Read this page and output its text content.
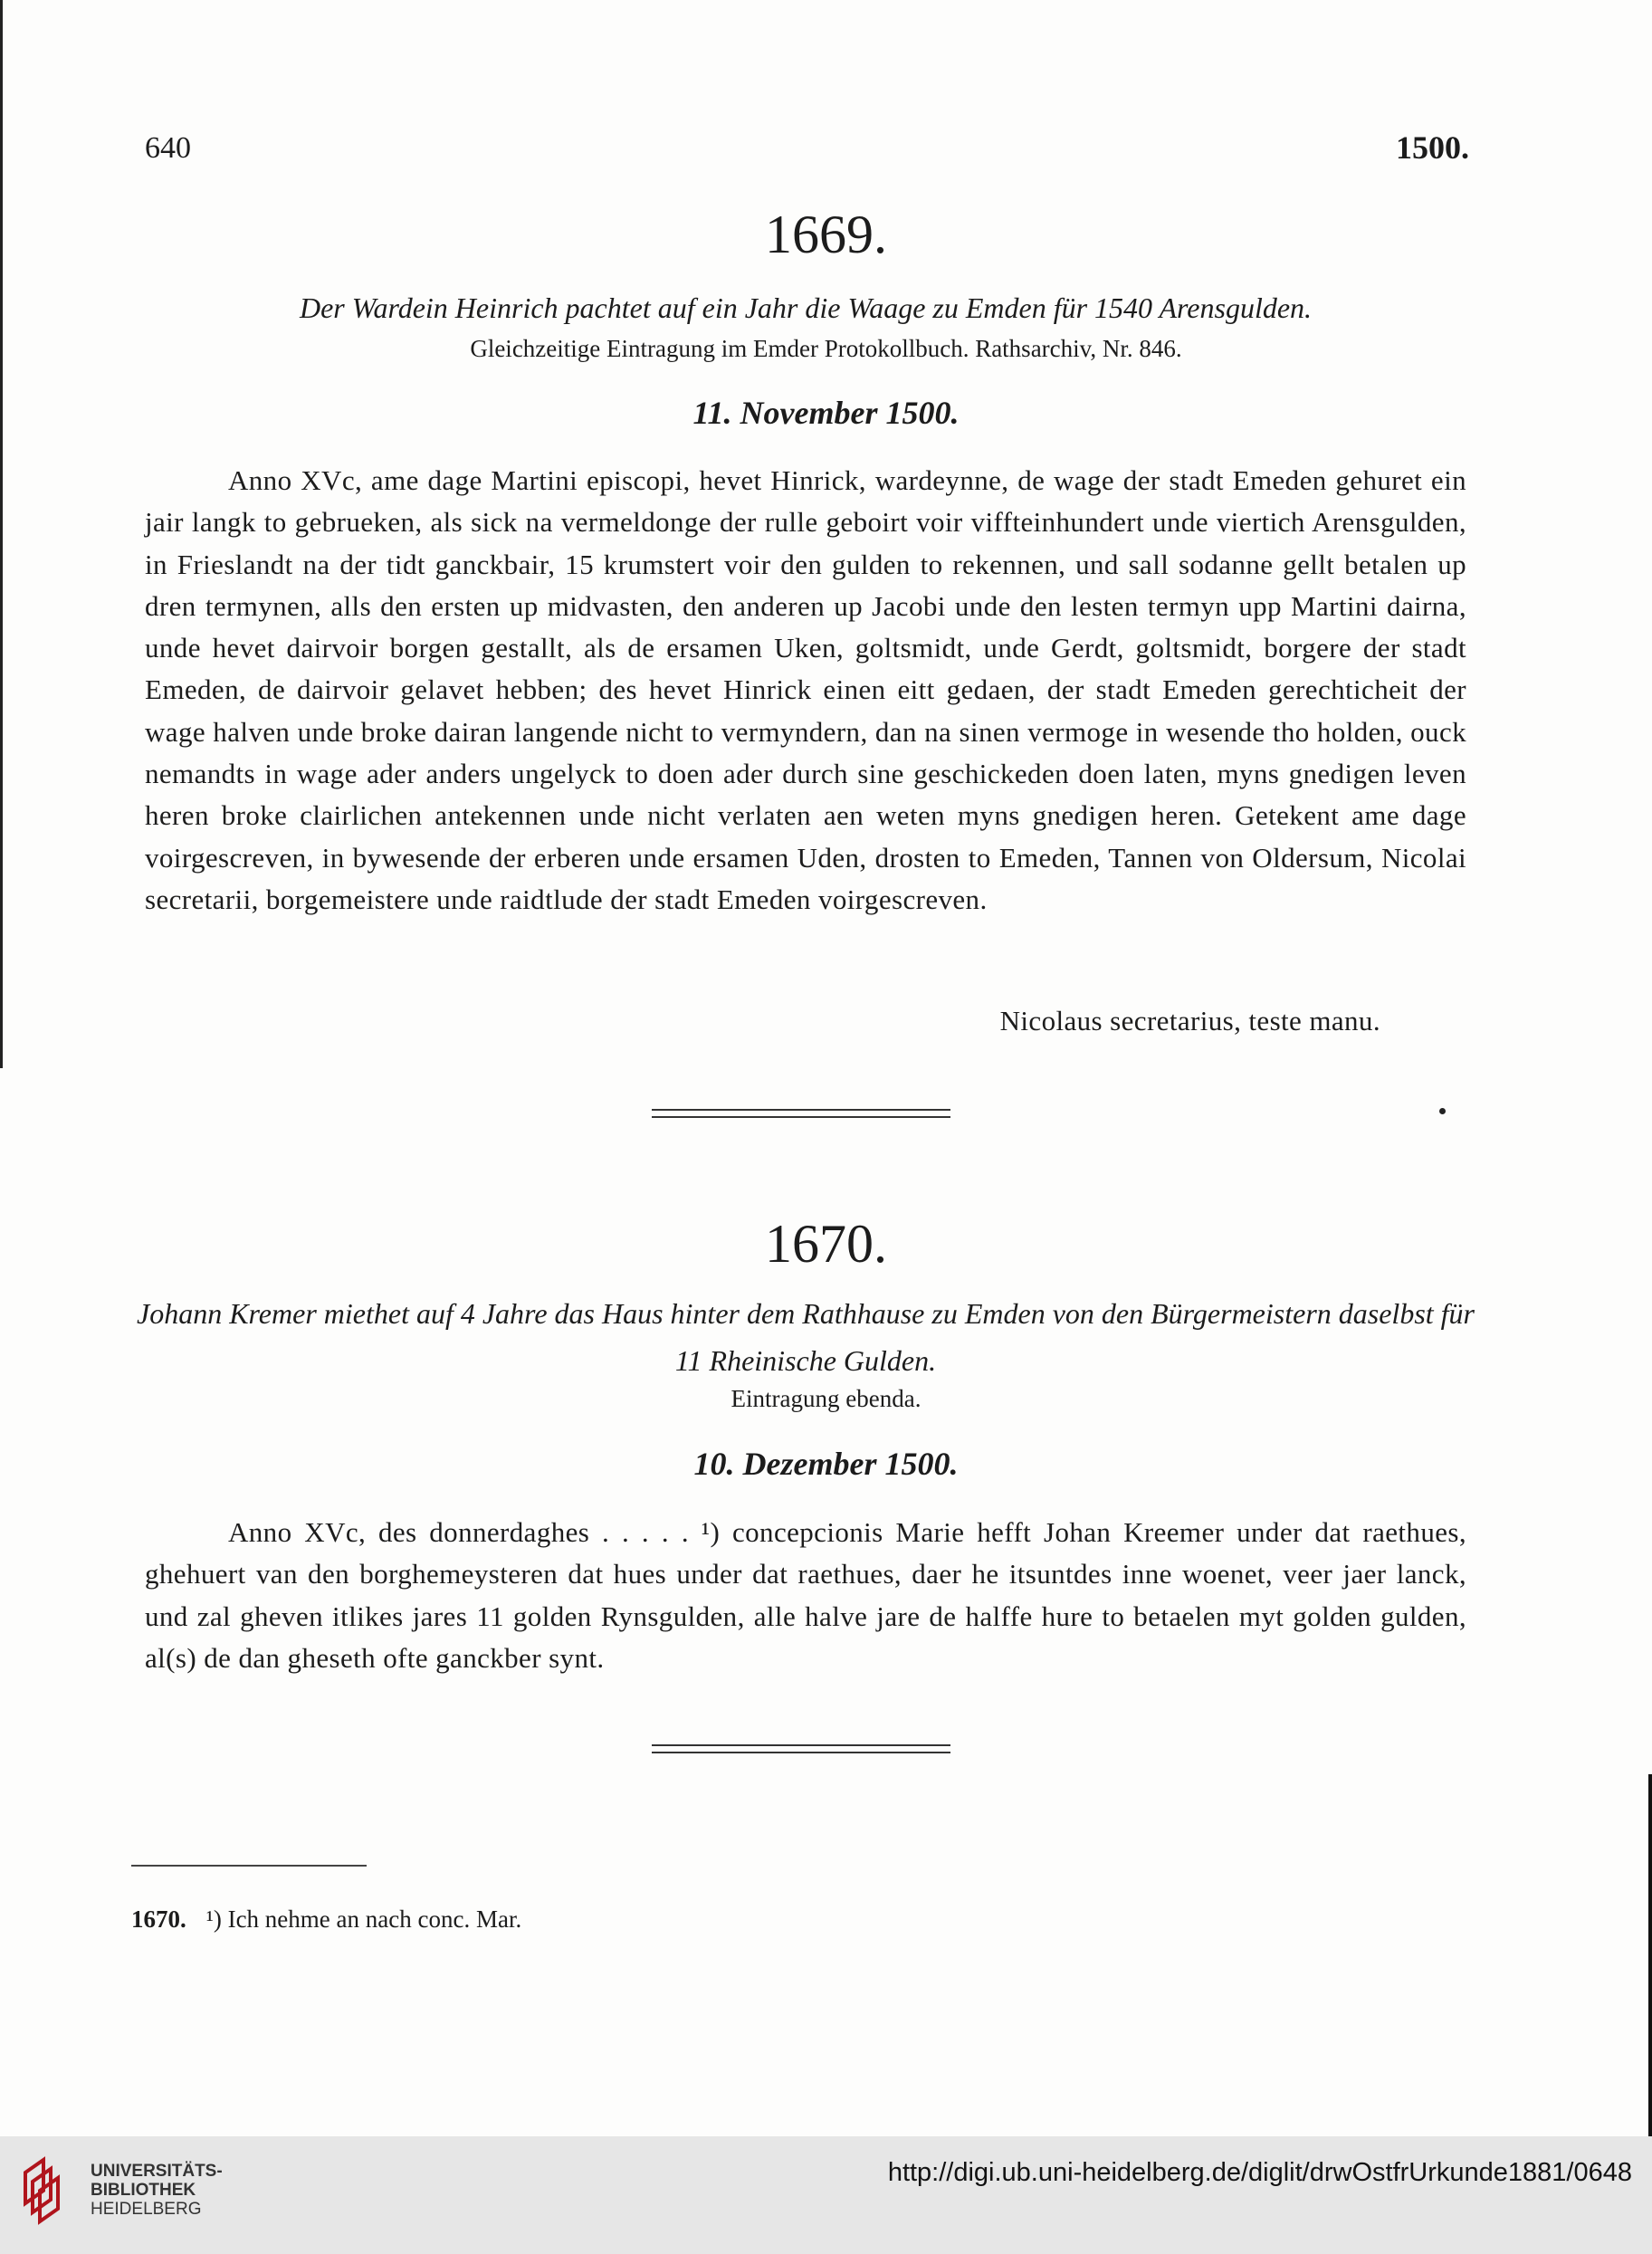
640	1500.
1669.
Der Wardein Heinrich pachtet auf ein Jahr die Waage zu Emden für 1540 Arensgulden.
Gleichzeitige Eintragung im Emder Protokollbuch. Rathsarchiv, Nr. 846.
11. November 1500.

Anno XVc, ame dage Martini episcopi, hevet Hinrick, wardeynne, de wage der stadt Emeden gehuret ein jair langk to gebrueken, als sick na vermeldonge der rulle geboirt voir viffteinhundert unde viertich Arensgulden, in Frieslandt na der tidt ganckbair, 15 krumstert voir den gulden to rekennen, und sall sodanne gellt betalen up dren termynen, alls den ersten up midvasten, den anderen up Jacobi unde den lesten termyn upp Martini dairna, unde hevet dairvoir borgen gestallt, als de ersamen Uken, goltsmidt, unde Gerdt, goltsmidt, borgere der stadt Emeden, de dairvoir gelavet hebben; des hevet Hinrick einen eitt gedaen, der stadt Emeden gerechticheit der wage halven unde broke dairan langende nicht to vermyndern, dan na sinen vermoge in wesende tho holden, ouck nemandts in wage ader anders ungelyck to doen ader durch sine geschickeden doen laten, myns gnedigen leven heren broke clairlichen antekennen unde nicht verlaten aen weten myns gnedigen heren. Getekent ame dage voirgescreven, in bywesende der erberen unde ersamen Uden, drosten to Emeden, Tannen von Oldersum, Nicolai secretarii, borgemeistere unde raidtlude der stadt Emeden voirgescreven.

Nicolaus secretarius, teste manu.
1670.
Johann Kremer miethet auf 4 Jahre das Haus hinter dem Rathhause zu Emden von den Bürgermeistern daselbst für 11 Rheinische Gulden.
Eintragung ebenda.
10. Dezember 1500.

Anno XVc, des donnerdaghes . . . . . ¹) concepcionis Marie hefft Johan Kreemer under dat raethues, ghehuert van den borghemeysteren dat hues under dat raethues, daer he itsuntdes inne woenet, veer jaer lanck, und zal gheven itlikes jares 11 golden Rynsgulden, alle halve jare de halffe hure to betaelen myt golden gulden, al(s) de dan gheseth ofte ganckber synt.

1670. ¹) Ich nehme an nach conc. Mar.
UNIVERSITÄTS-
BIBLIOTHEK
HEIDELBERG
http://digi.ub.uni-heidelberg.de/diglit/drwOstfrUrkunde1881/0648
